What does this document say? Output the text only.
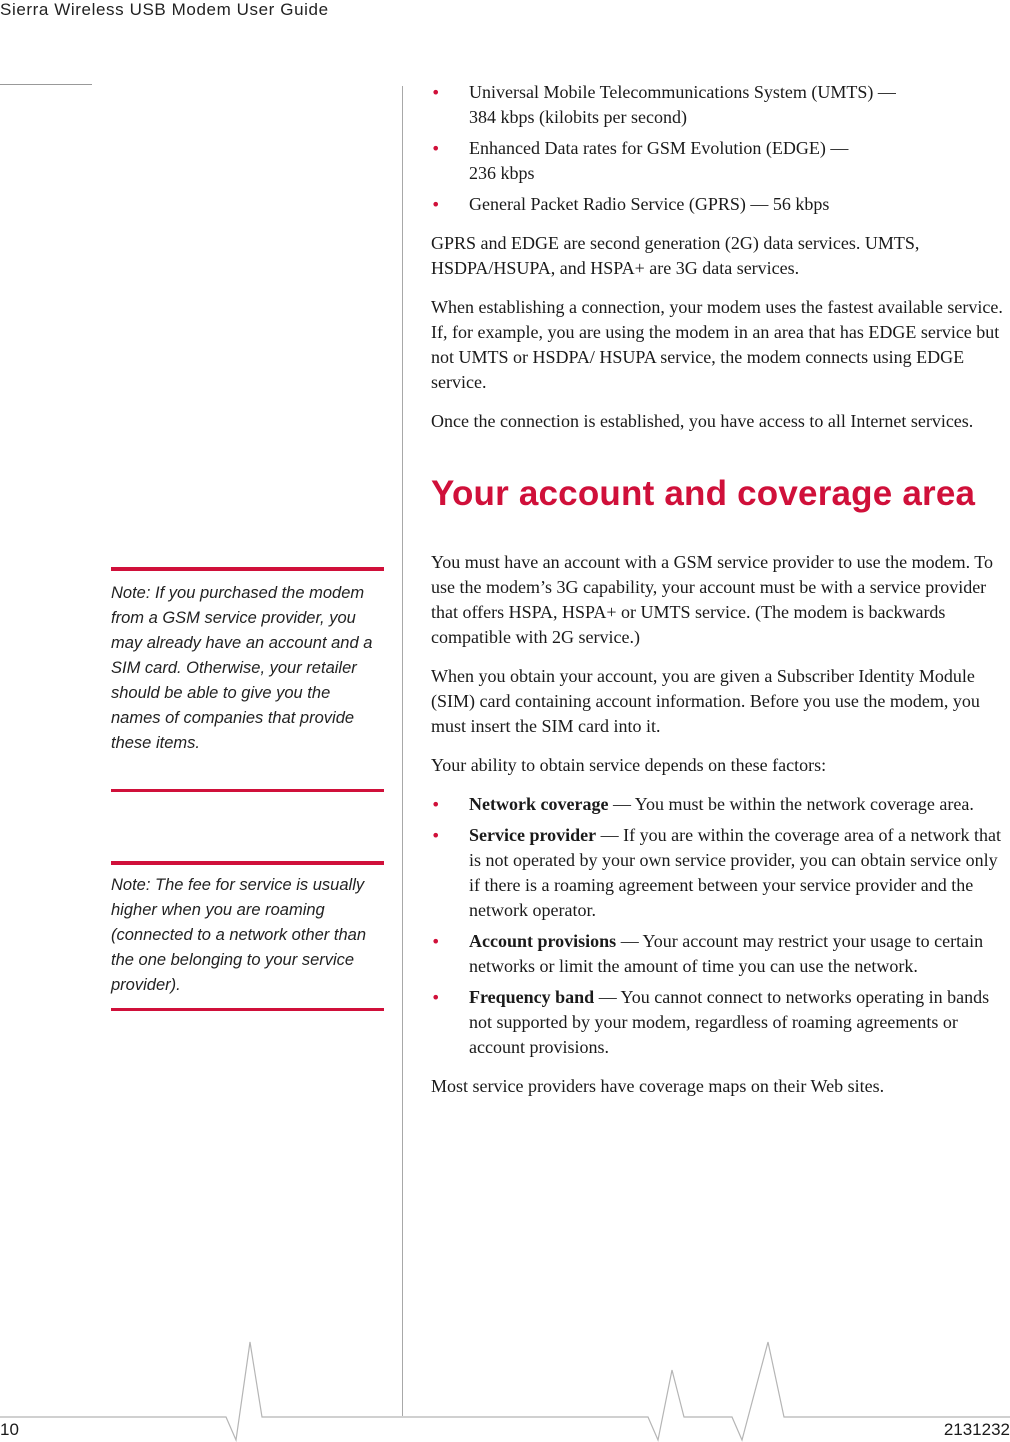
Sierra Wireless USB Modem User Guide
• Universal Mobile Telecommunications System (UMTS) —
384 kbps (kilobits per second)
• Enhanced Data rates for GSM Evolution (EDGE) —
236 kbps
• General Packet Radio Service (GPRS) — 56 kbps

GPRS and EDGE are second generation (2G) data services. UMTS, HSDPA/HSUPA, and HSPA+ are 3G data services.

When establishing a connection, your modem uses the fastest available service. If, for example, you are using the modem in an area that has EDGE service but not UMTS or HSDPA/ HSUPA service, the modem connects using EDGE service.

Once the connection is established, you have access to all Internet services.

Your account and coverage area

You must have an account with a GSM service provider to use the modem. To use the modem’s 3G capability, your account must be with a service provider that offers HSPA, HSPA+ or UMTS service. (The modem is backwards compatible with 2G service.)

When you obtain your account, you are given a Subscriber Identity Module (SIM) card containing account information. Before you use the modem, you must insert the SIM card into it.

Your ability to obtain service depends on these factors:

• Network coverage — You must be within the network coverage area.
• Service provider — If you are within the coverage area of a network that is not operated by your own service provider, you can obtain service only if there is a roaming agreement between your service provider and the network operator.
• Account provisions — Your account may restrict your usage to certain networks or limit the amount of time you can use the network.
• Frequency band — You cannot connect to networks operating in bands not supported by your modem, regardless of roaming agreements or account provisions.

Most service providers have coverage maps on their Web sites.

Note: If you purchased the modem from a GSM service provider, you may already have an account and a SIM card. Otherwise, your retailer should be able to give you the names of companies that provide these items.
Note: The fee for service is usually higher when you are roaming (connected to a network other than the one belonging to your service provider).
10	2131232
